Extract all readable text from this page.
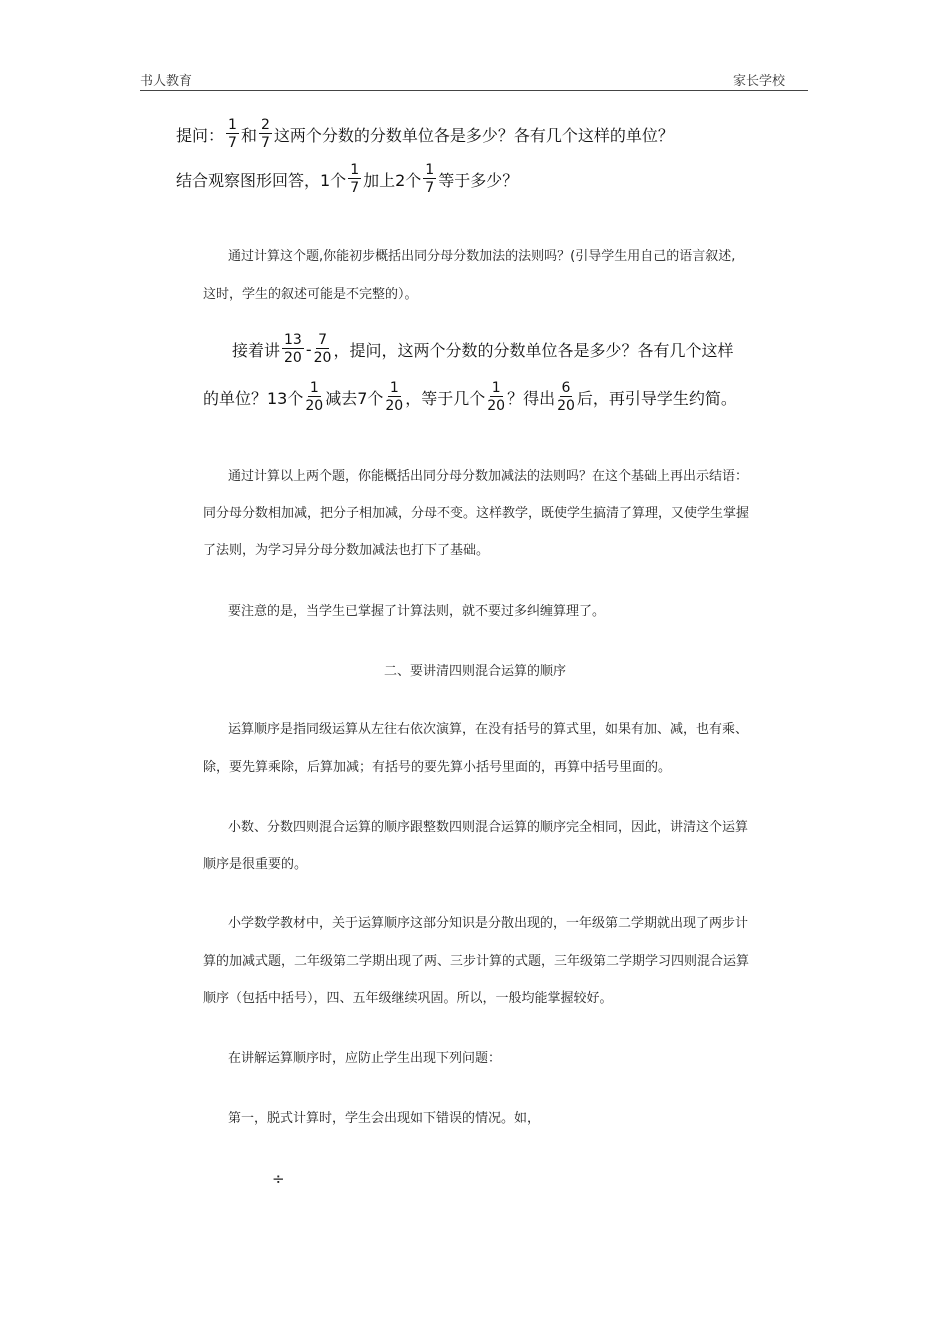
书人教育	家长学校
提问： $\frac{1}{7}$ 和 $\frac{2}{7}$ 这两个分数的分数单位各是多少？各有几个这样的单位？
结合观察图形回答，1个 $\frac{1}{7}$ 加上2个 $\frac{1}{7}$ 等于多少？
通过计算这个题,你能初步概括出同分母分数加法的法则吗？(引导学生用自己的语言叙述,
这时，学生的叙述可能是不完整的）。
接着讲 $\frac{13}{20} - \frac{7}{20}$ ，提问，这两个分数的分数单位各是多少？各有几个这样
的单位？13个 $\frac{1}{20}$ 减去7个 $\frac{1}{20}$ ，等于几个 $\frac{1}{20}$ ？得出 $\frac{6}{20}$ 后，再引导学生约简。
通过计算以上两个题，你能概括出同分母分数加减法的法则吗？在这个基础上再出示结语：
同分母分数相加减，把分子相加减，分母不变。这样教学，既使学生搞清了算理，又使学生掌握
了法则，为学习异分母分数加减法也打下了基础。
要注意的是，当学生已掌握了计算法则，就不要过多纠缠算理了。
二、要讲清四则混合运算的顺序
运算顺序是指同级运算从左往右依次演算，在没有括号的算式里，如果有加、减，也有乘、
除，要先算乘除，后算加减；有括号的要先算小括号里面的，再算中括号里面的。
小数、分数四则混合运算的顺序跟整数四则混合运算的顺序完全相同，因此，讲清这个运算
顺序是很重要的。
小学数学教材中，关于运算顺序这部分知识是分散出现的，一年级第二学期就出现了两步计
算的加减式题，二年级第二学期出现了两、三步计算的式题，三年级第二学期学习四则混合运算
顺序（包括中括号），四、五年级继续巩固。所以，一般均能掌握较好。
在讲解运算顺序时，应防止学生出现下列问题：
第一，脱式计算时，学生会出现如下错误的情况。如，
÷
